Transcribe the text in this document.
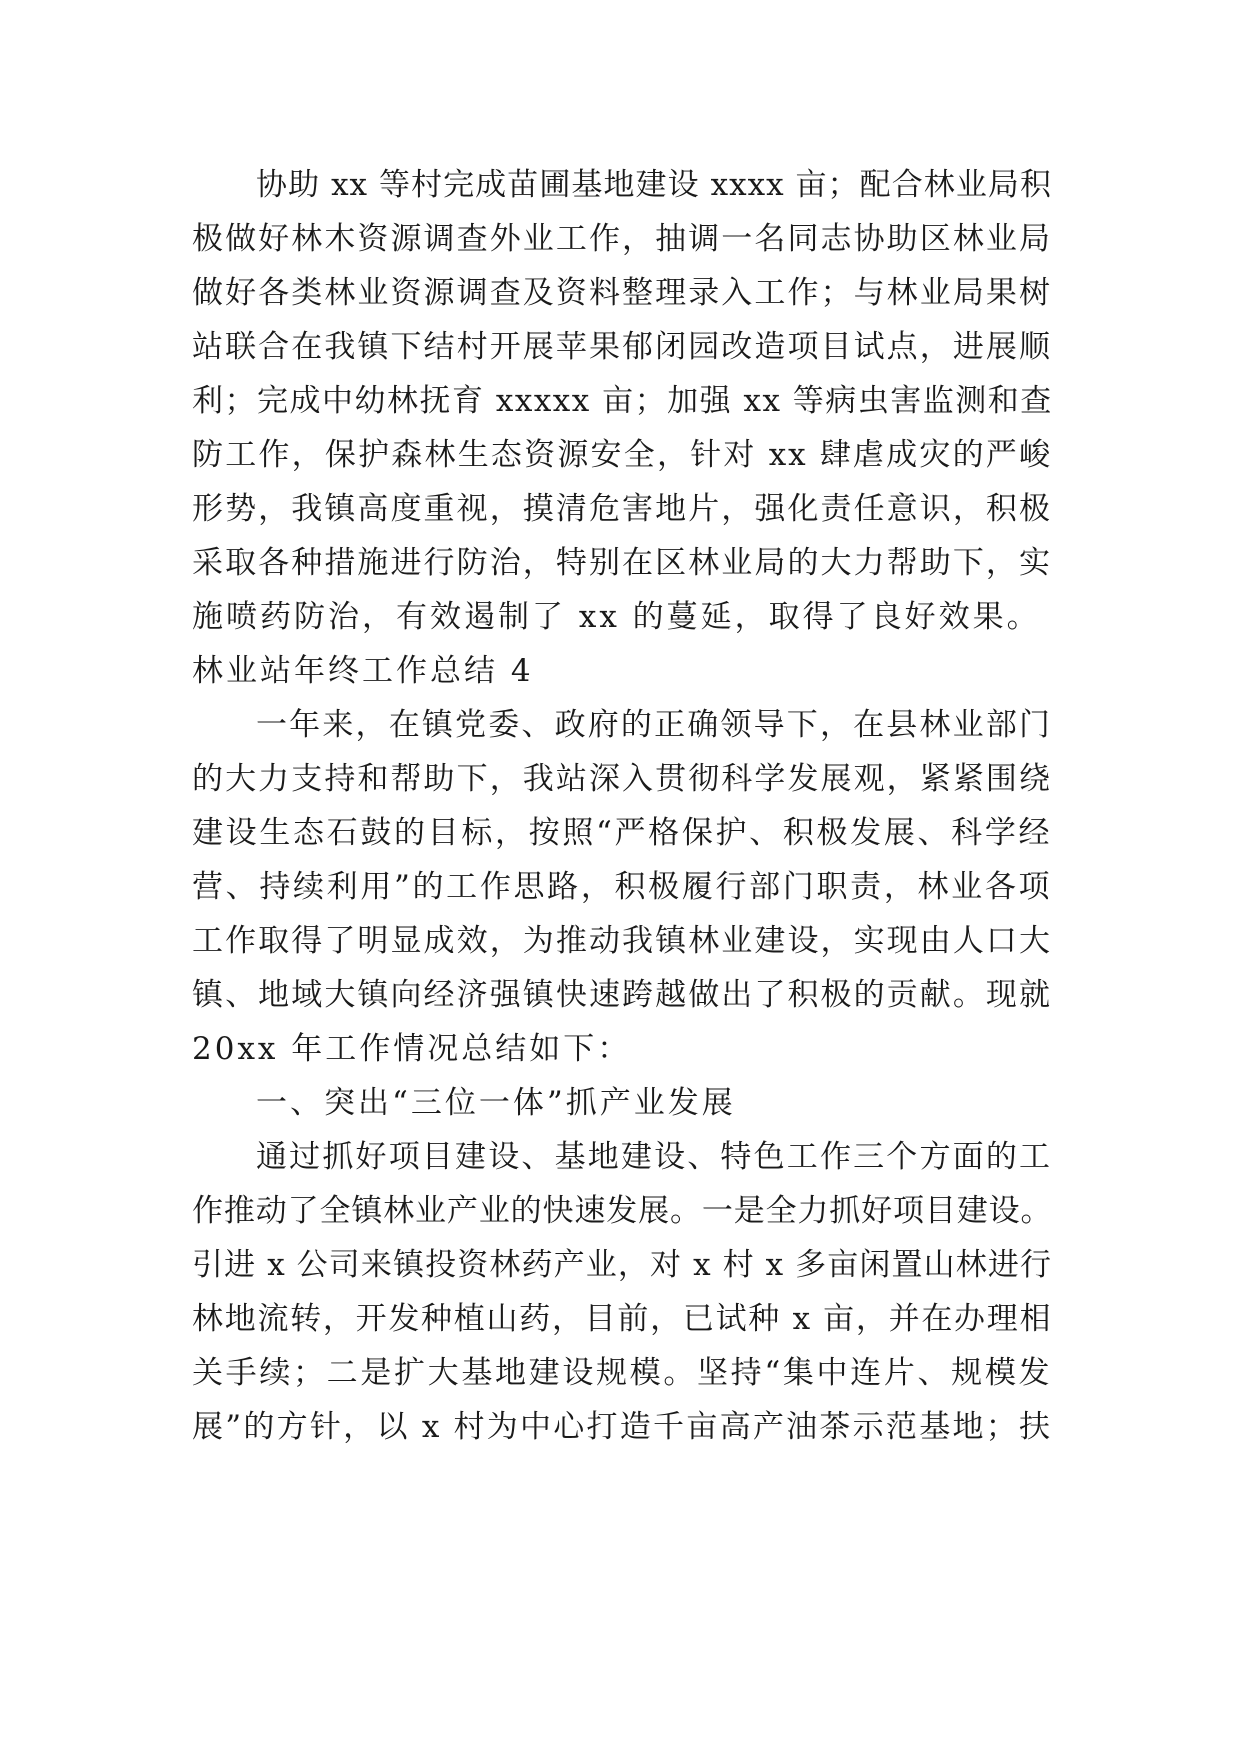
协助 xx 等村完成苗圃基地建设 xxxx 亩；配合林业局积
极做好林木资源调查外业工作，抽调一名同志协助区林业局
做好各类林业资源调查及资料整理录入工作；与林业局果树
站联合在我镇下结村开展苹果郁闭园改造项目试点，进展顺
利；完成中幼林抚育 xxxxx 亩；加强 xx 等病虫害监测和查
防工作，保护森林生态资源安全，针对 xx 肆虐成灾的严峻
形势，我镇高度重视，摸清危害地片，强化责任意识，积极
采取各种措施进行防治，特别在区林业局的大力帮助下，实
施喷药防治，有效遏制了 xx 的蔓延，取得了良好效果。
林业站年终工作总结 4
一年来，在镇党委、政府的正确领导下，在县林业部门
的大力支持和帮助下，我站深入贯彻科学发展观，紧紧围绕
建设生态石鼓的目标，按照“严格保护、积极发展、科学经
营、持续利用”的工作思路，积极履行部门职责，林业各项
工作取得了明显成效，为推动我镇林业建设，实现由人口大
镇、地域大镇向经济强镇快速跨越做出了积极的贡献。现就
20xx 年工作情况总结如下：
一、突出“三位一体”抓产业发展
通过抓好项目建设、基地建设、特色工作三个方面的工
作推动了全镇林业产业的快速发展。一是全力抓好项目建设。
引进 x 公司来镇投资林药产业，对 x 村 x 多亩闲置山林进行
林地流转，开发种植山药，目前，已试种 x 亩，并在办理相
关手续；二是扩大基地建设规模。坚持“集中连片、规模发
展”的方针，以 x 村为中心打造千亩高产油茶示范基地；扶
